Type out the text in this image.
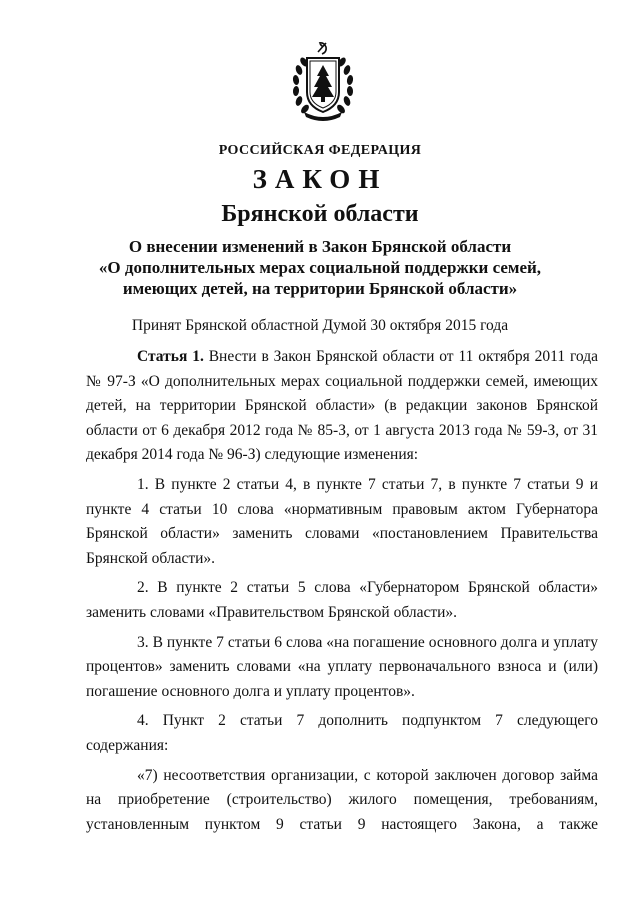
РОССИЙСКАЯ ФЕДЕРАЦИЯ
ЗАКОН
Брянской области
О внесении изменений в Закон Брянской области
«О дополнительных мерах социальной поддержки семей,
имеющих детей, на территории Брянской области»
Принят Брянской областной Думой 30 октября 2015 года

Статья 1. Внести в Закон Брянской области от 11 октября 2011 года № 97-З «О дополнительных мерах социальной поддержки семей, имеющих детей, на территории Брянской области» (в редакции законов Брянской области от 6 декабря 2012 года № 85-З, от 1 августа 2013 года № 59-З, от 31 декабря 2014 года № 96-З) следующие изменения:

1. В пункте 2 статьи 4, в пункте 7 статьи 7, в пункте 7 статьи 9 и пункте 4 статьи 10 слова «нормативным правовым актом Губернатора Брянской области» заменить словами «постановлением Правительства Брянской области».

2. В пункте 2 статьи 5 слова «Губернатором Брянской области» заменить словами «Правительством Брянской области».

3. В пункте 7 статьи 6 слова «на погашение основного долга и уплату процентов» заменить словами «на уплату первоначального взноса и (или) погашение основного долга и уплату процентов».

4. Пункт 2 статьи 7 дополнить подпунктом 7 следующего содержания:

«7) несоответствия организации, с которой заключен договор займа на приобретение (строительство) жилого помещения, требованиям, установленным пунктом 9 статьи 9 настоящего Закона, а также
